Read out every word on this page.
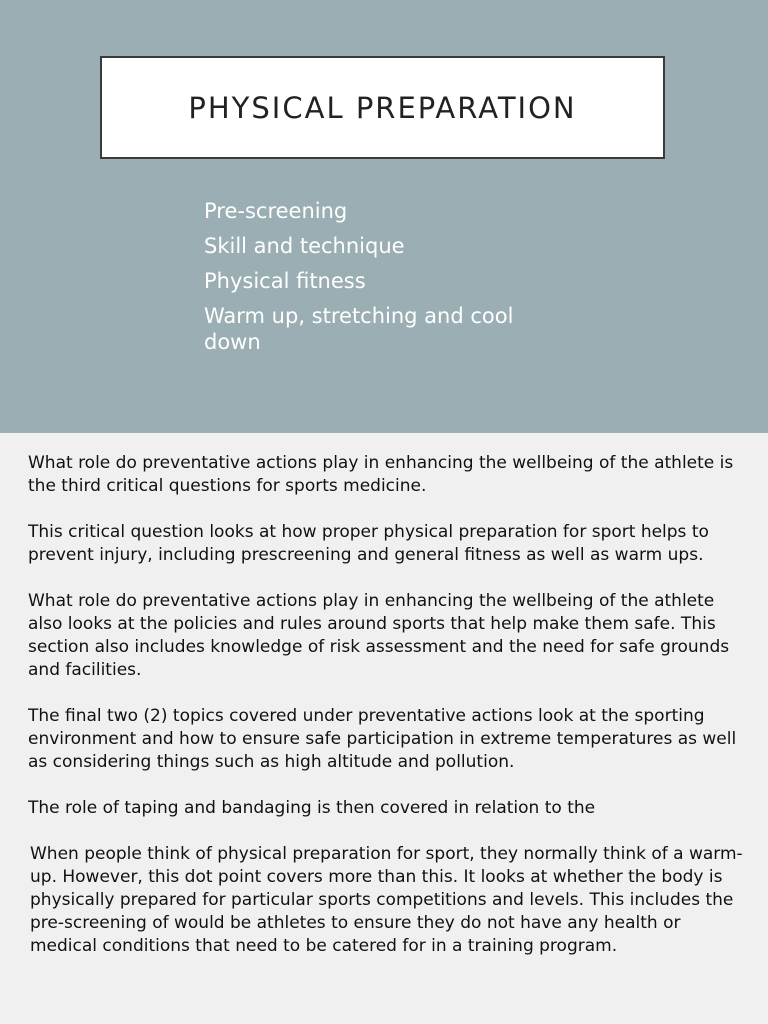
PHYSICAL PREPARATION
Pre-screening
Skill and technique
Physical fitness
Warm up, stretching and cool down

What role do preventative actions play in enhancing the wellbeing of the athlete is the third critical questions for sports medicine.

This critical question looks at how proper physical preparation for sport helps to prevent injury, including prescreening and general fitness as well as warm ups.

What role do preventative actions play in enhancing the wellbeing of the athlete also looks at the policies and rules around sports that help make them safe. This section also includes knowledge of risk assessment and the need for safe grounds and facilities.

The final two (2) topics covered under preventative actions look at the sporting environment and how to ensure safe participation in extreme temperatures as well as considering things such as high altitude and pollution.

The role of taping and bandaging is then covered in relation to the

When people think of physical preparation for sport, they normally think of a warm-up. However, this dot point covers more than this. It looks at whether the body is physically prepared for particular sports competitions and levels. This includes the pre-screening of would be athletes to ensure they do not have any health or medical conditions that need to be catered for in a training program.
